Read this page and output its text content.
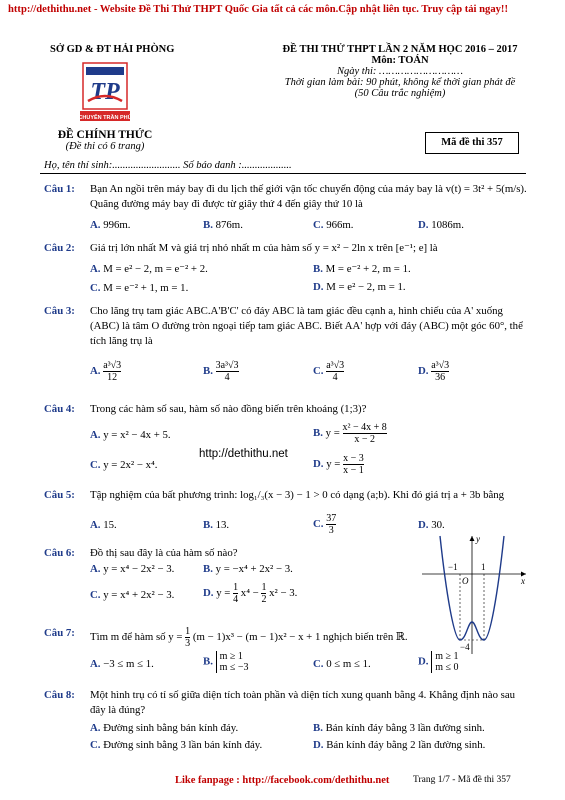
http://dethithu.net - Website Đề Thi Thử THPT Quốc Gia tất cả các môn.Cập nhật liên tục. Truy cập tải ngay!!
SỞ GD & ĐT HẢI PHÒNG
TP
CHUYÊN TRẦN PHÚ
ĐỀ CHÍNH THỨC
(Đề thi có 6 trang)
ĐỀ THI THỬ THPT LẦN 2 NĂM HỌC 2016 – 2017
Môn: TOÁN
Ngày thi: ………………………
Thời gian làm bài: 90 phút, không kể thời gian phát đề
(50 Câu trắc nghiệm)
Mã đề thi 357
Họ, tên thí sinh:.......................... Số báo danh :...................
Câu 1: Bạn An ngồi trên máy bay đi du lịch thế giới vận tốc chuyển động của máy bay là v(t) = 3t² + 5(m/s). Quãng đường máy bay đi được từ giây thứ 4 đến giây thứ 10 là
A. 996m.	B. 876m.	C. 966m.	D. 1086m.
Câu 2: Giá trị lớn nhất M và giá trị nhỏ nhất m của hàm số y = x² − 2ln x trên [e⁻¹; e] là
A. M = e² − 2, m = e⁻² + 2.	B. M = e⁻² + 2, m = 1.
C. M = e⁻² + 1, m = 1.	D. M = e² − 2, m = 1.
Câu 3: Cho lăng trụ tam giác ABC.A'B'C' có đáy ABC là tam giác đều cạnh a, hình chiếu của A' xuống (ABC) là tâm O đường tròn ngoại tiếp tam giác ABC. Biết AA' hợp với đáy (ABC) một góc 60°, thể tích lăng trụ là
A. $\frac{\text{a³√3}}{12}$	B. $\frac{\text{3a³√3}}{4}$	C. $\frac{\text{a³√3}}{4}$	D. $\frac{\text{a³√3}}{36}$
Câu 4: Trong các hàm số sau, hàm số nào đồng biến trên khoảng (1;3)?
A. y = x² − 4x + 5.	B. $y = \frac{\text{x² − 4x + 8}}{x - 2}$
C. y = 2x² − x⁴.	D. $y = \frac{x - 3}{x - 1}$
http://dethithu.net
Câu 5: Tập nghiệm của bất phương trình: log₁/₃(x − 3) − 1 > 0 có dạng (a;b). Khi đó giá trị a + 3b bằng
A. 15.	B. 13.	C. $\frac{37}{3}$	D. 30.
Câu 6: Đồ thị sau đây là của hàm số nào?
A. y = x⁴ − 2x² − 3.	B. y = −x⁴ + 2x² − 3.
C. y = x⁴ + 2x² − 3.	D. $y = \frac{1}{4} x^4 - \frac{1}{2} x^2 - 3$.
−1	1
O	x
y
−4
Câu 7: Tìm m để hàm số $y = \frac{1}{3} (m - 1)x^3 - (m - 1)x^2 - x + 1$ nghịch biến trên ℝ.
A. −3 ≤ m ≤ 1.	B. m ≥ 1
m ≤ −3	C. 0 ≤ m ≤ 1.	D. m ≥ 1
m ≤ 0
Câu 8: Một hình trụ có tỉ số giữa diện tích toàn phần và diện tích xung quanh bằng 4. Khẳng định nào sau đây là đúng?
A. Đường sinh bằng bán kính đáy.	B. Bán kính đáy bằng 3 lần đường sinh.
C. Đường sinh bằng 3 lần bán kính đáy.	D. Bán kính đáy bằng 2 lần đường sinh.
Like fanpage : http://facebook.com/dethithu.net Trang 1/7 - Mã đề thi 357
